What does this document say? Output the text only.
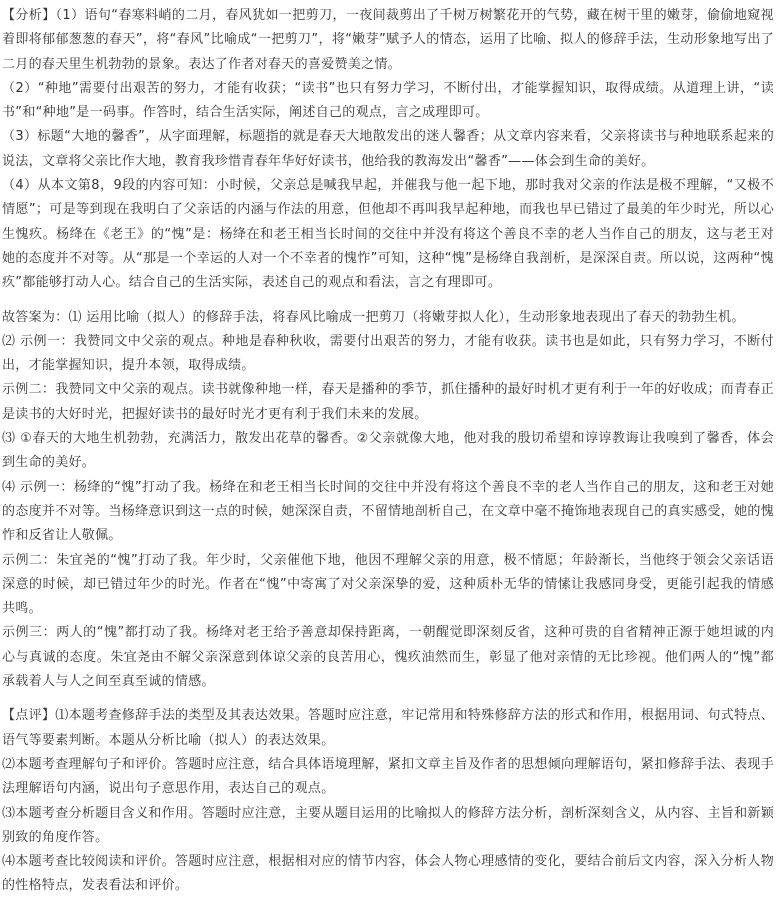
【分析】（1）语句“春寒料峭的二月，春风犹如一把剪刀，一夜间裁剪出了千树万树繁花开的气势，藏在树干里的嫩芽，偷偷地窥视着即将郁郁葱葱的春天”，将“春风”比喻成“一把剪刀”，将“嫩芽”赋予人的情态，运用了比喻、拟人的修辞手法，生动形象地写出了二月的春天里生机勃勃的景象。表达了作者对春天的喜爱赞美之情。

（2）“种地”需要付出艰苦的努力，才能有收获；“读书”也只有努力学习，不断付出，才能掌握知识，取得成绩。从道理上讲，“读书”和“种地”是一码事。作答时，结合生活实际，阐述自己的观点，言之成理即可。

（3）标题“大地的馨香”，从字面理解，标题指的就是春天大地散发出的迷人馨香；从文章内容来看，父亲将读书与种地联系起来的说法，文章将父亲比作大地，教育我珍惜青春年华好好读书，他给我的教海发出“馨香”——体会到生命的美好。

（4）从本文第8，9段的内容可知：小时候，父亲总是喊我早起，并催我与他一起下地，那时我对父亲的作法是极不理解，“又极不情愿”；可是等到现在我明白了父亲话的内涵与作法的用意，但他却不再叫我早起种地，而我也早已错过了最美的年少时光，所以心生愧疚。杨绛在《老王》的“愧”是：杨绛在和老王相当长时间的交往中并没有将这个善良不幸的老人当作自己的朋友，这与老王对她的态度并不对等。从“那是一个幸运的人对一个不幸者的愧怍”可知，这种“愧”是杨绛自我剖析，是深深自责。所以说，这两种“愧疚”都能够打动人心。结合自己的生活实际，表述自己的观点和看法，言之有理即可。

故答案为：⑴ 运用比喻（拟人）的修辞手法，将春风比喻成一把剪刀（将嫩芽拟人化），生动形象地表现出了春天的勃勃生机。

⑵ 示例一：我赞同文中父亲的观点。种地是春种秋收，需要付出艰苦的努力，才能有收获。读书也是如此，只有努力学习，不断付出，才能掌握知识，提升本领，取得成绩。

示例二：我赞同文中父亲的观点。读书就像种地一样，春天是播种的季节，抓住播种的最好时机才更有利于一年的好收成；而青春正是读书的大好时光，把握好读书的最好时光才更有利于我们未来的发展。

⑶ ①春天的大地生机勃勃，充满活力，散发出花草的馨香。②父亲就像大地，他对我的殷切希望和谆谆教诲让我嗅到了馨香，体会到生命的美好。

⑷ 示例一：杨绛的“愧”打动了我。杨绛在和老王相当长时间的交往中并没有将这个善良不幸的老人当作自己的朋友，这和老王对她的态度并不对等。当杨绛意识到这一点的时候，她深深自责，不留情地剖析自己，在文章中毫不掩饰地表现自己的真实感受，她的愧怍和反省让人敬佩。

示例二：朱宜尧的“愧”打动了我。年少时，父亲催他下地，他因不理解父亲的用意，极不情愿；年龄渐长，当他终于领会父亲话语深意的时候，却已错过年少的时光。作者在“愧”中寄寓了对父亲深挚的爱，这种质朴无华的情愫让我感同身受，更能引起我的情感共鸣。

示例三：两人的“愧”都打动了我。杨绛对老王给予善意却保持距离，一朝醒觉即深刻反省，这种可贵的自省精神正源于她坦诚的内心与真诚的态度。朱宜尧由不解父亲深意到体谅父亲的良苦用心，愧疚油然而生，彰显了他对亲情的无比珍视。他们两人的“愧”都承载着人与人之间至真至诚的情感。

【点评】⑴本题考查修辞手法的类型及其表达效果。答题时应注意，牢记常用和特殊修辞方法的形式和作用，根据用词、句式特点、语气等要素判断。本题从分析比喻（拟人）的表达效果。

⑵本题考查理解句子和评价。答题时应注意，结合具体语境理解，紧扣文章主旨及作者的思想倾向理解语句，紧扣修辞手法、表现手法理解语句内涵，说出句子意思作用，表达自己的观点。

⑶本题考查分析题目含义和作用。答题时应注意，主要从题目运用的比喻拟人的修辞方法分析，剖析深刻含义，从内容、主旨和新颖别致的角度作答。

⑷本题考查比较阅读和评价。答题时应注意，根据相对应的情节内容，体会人物心理感情的变化，要结合前后文内容，深入分析人物的性格特点，发表看法和评价。
